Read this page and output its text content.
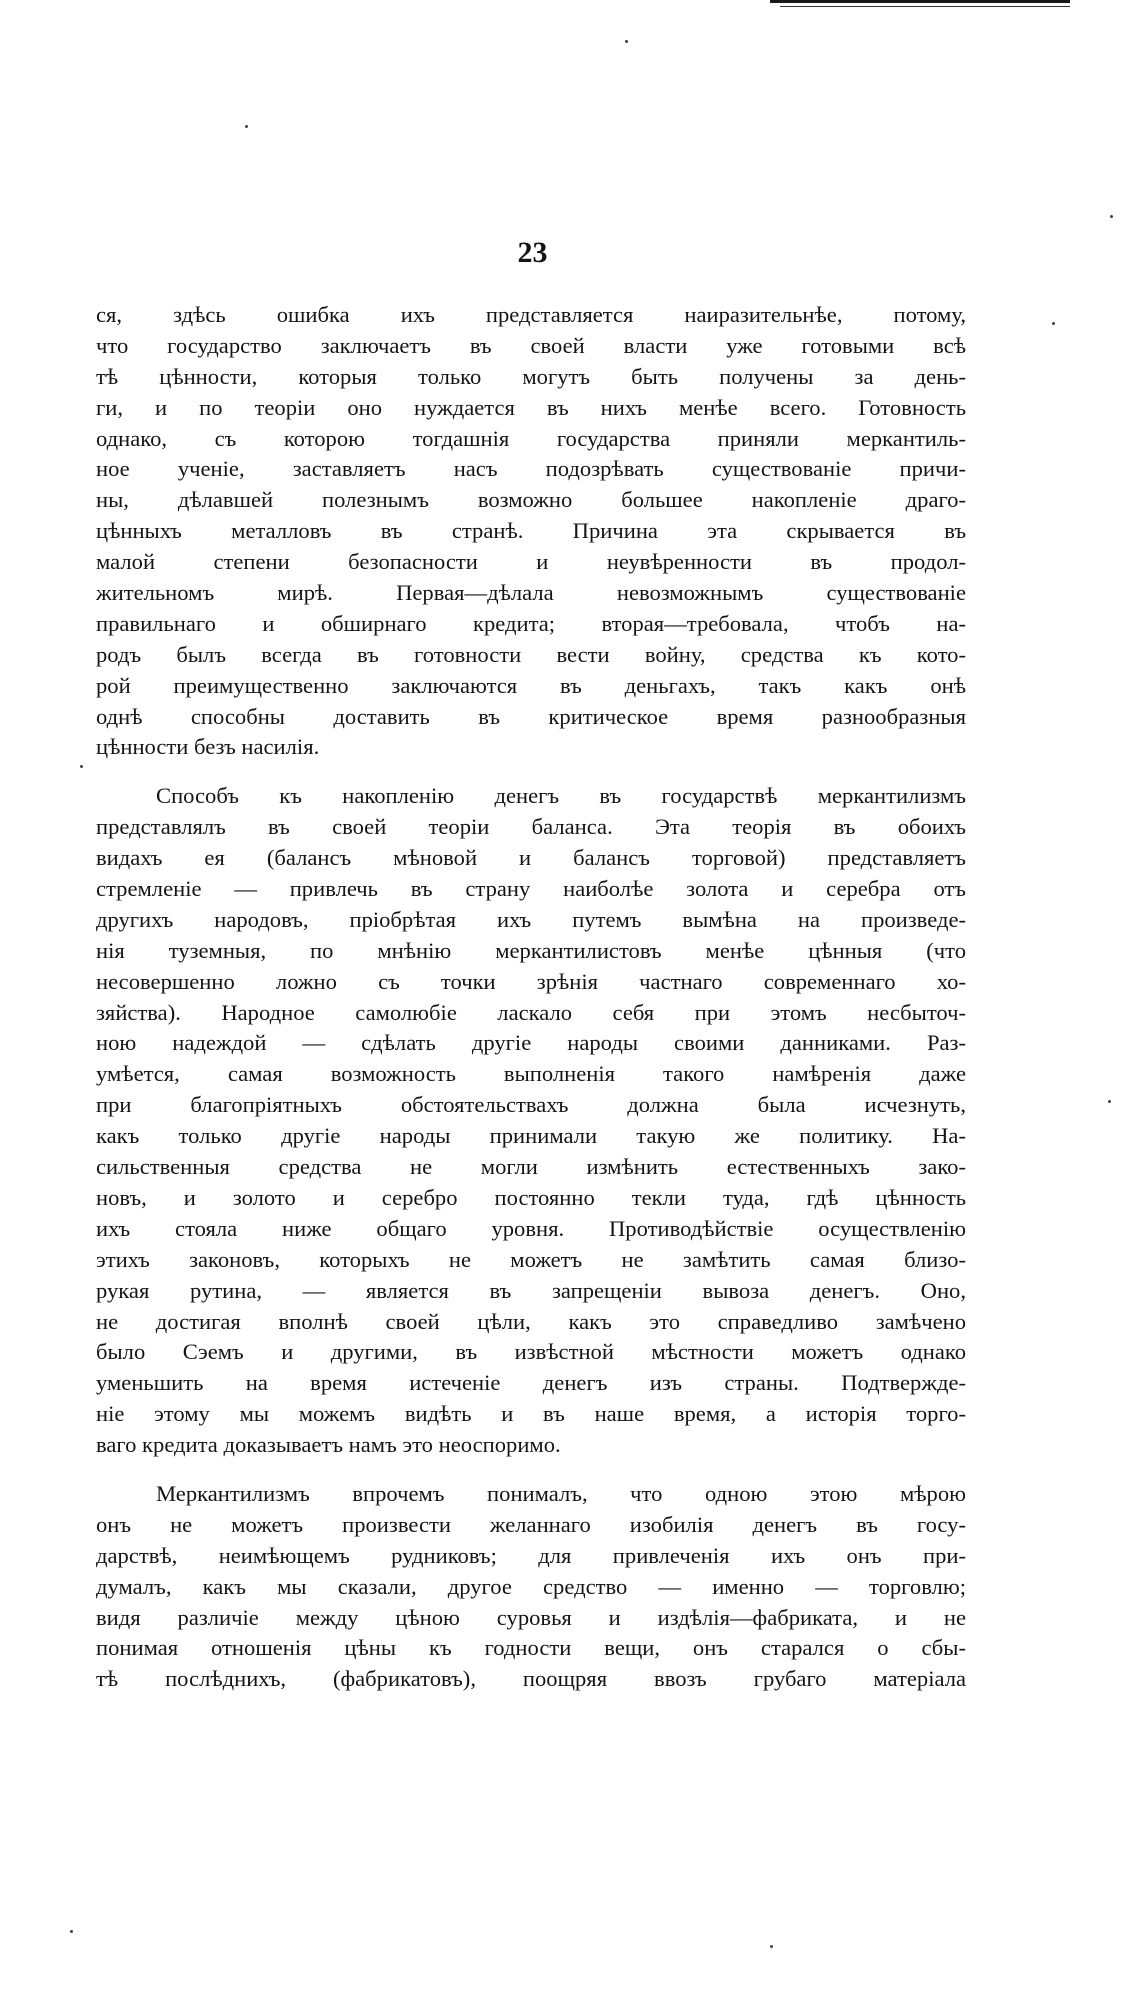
23
ся, здѣсь ошибка ихъ представляется наиразительнѣе, потому,
что государство заключаетъ въ своей власти уже готовыми всѣ
тѣ цѣнности, которыя только могутъ быть получены за день-
ги, и по теоріи оно нуждается въ нихъ менѣе всего. Готовность
однако, съ которою тогдашнія государства приняли меркантиль-
ное ученіе, заставляетъ насъ подозрѣвать существованіе причи-
ны, дѣлавшей полезнымъ возможно большее накопленіе драго-
цѣнныхъ металловъ въ странѣ. Причина эта скрывается въ
малой степени безопасности и неувѣренности въ продол-
жительномъ мирѣ. Первая—дѣлала невозможнымъ существованіе
правильнаго и обширнаго кредита; вторая—требовала, чтобъ на-
родъ былъ всегда въ готовности вести войну, средства къ кото-
рой преимущественно заключаются въ деньгахъ, такъ какъ онѣ
однѣ способны доставить въ критическое время разнообразныя
цѣнности безъ насилія.
Способъ къ накопленію денегъ въ государствѣ меркантилизмъ
представлялъ въ своей теоріи баланса. Эта теорія въ обоихъ
видахъ ея (балансъ мѣновой и балансъ торговой) представляетъ
стремленіе — привлечь въ страну наиболѣе золота и серебра отъ
другихъ народовъ, пріобрѣтая ихъ путемъ вымѣна на произведе-
нія туземныя, по мнѣнію меркантилистовъ менѣе цѣнныя (что
несовершенно ложно съ точки зрѣнія частнаго современнаго хо-
зяйства). Народное самолюбіе ласкало себя при этомъ несбыточ-
ною надеждой — сдѣлать другіе народы своими данниками. Раз-
умѣется, самая возможность выполненія такого намѣренія даже
при благопріятныхъ обстоятельствахъ должна была исчезнуть,
какъ только другіе народы принимали такую же политику. На-
сильственныя средства не могли измѣнить естественныхъ зако-
новъ, и золото и серебро постоянно текли туда, гдѣ цѣнность
ихъ стояла ниже общаго уровня. Противодѣйствіе осуществленію
этихъ законовъ, которыхъ не можетъ не замѣтить самая близо-
рукая рутина, — является въ запрещеніи вывоза денегъ. Оно,
не достигая вполнѣ своей цѣли, какъ это справедливо замѣчено
было Сэемъ и другими, въ извѣстной мѣстности можетъ однако
уменьшить на время истеченіе денегъ изъ страны. Подтвержде-
ніе этому мы можемъ видѣть и въ наше время, а исторія торго-
ваго кредита доказываетъ намъ это неоспоримо.
Меркантилизмъ впрочемъ понималъ, что одною этою мѣрою
онъ не можетъ произвести желаннаго изобилія денегъ въ госу-
дарствѣ, неимѣющемъ рудниковъ; для привлеченія ихъ онъ при-
думалъ, какъ мы сказали, другое средство — именно — торговлю;
видя различіе между цѣною суровья и издѣлія—фабриката, и не
понимая отношенія цѣны къ годности вещи, онъ старался о сбы-
тѣ послѣднихъ, (фабрикатовъ), поощряя ввозъ грубаго матеріала
